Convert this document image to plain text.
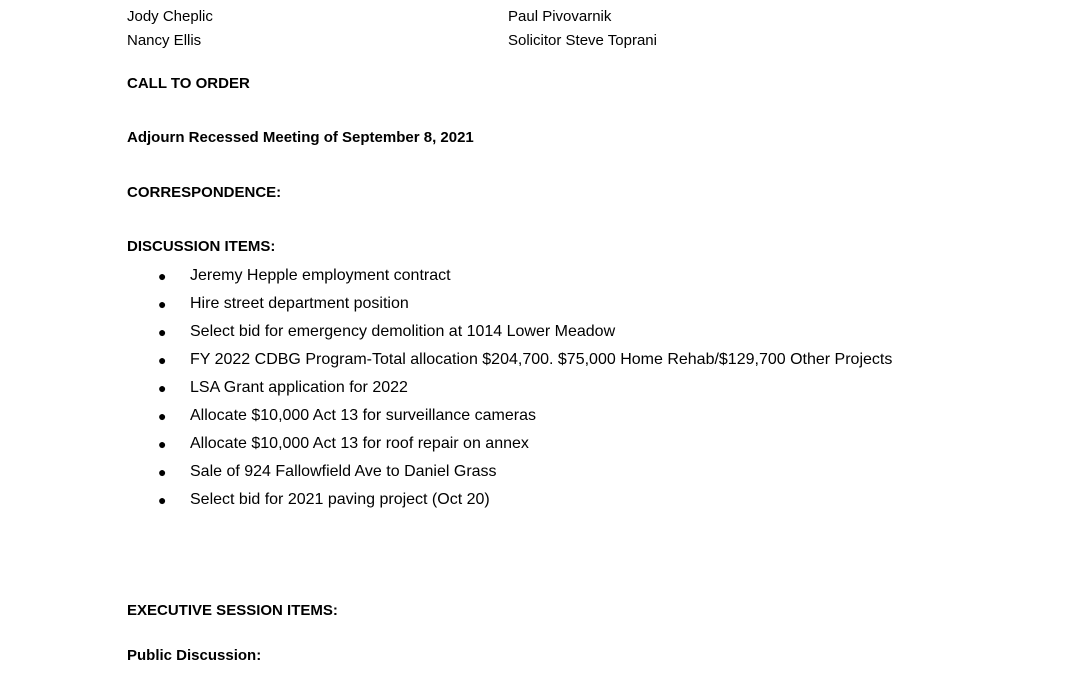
Jody Cheplic
Nancy Ellis
Paul Pivovarnik
Solicitor Steve Toprani
CALL TO ORDER
Adjourn Recessed Meeting of September 8, 2021
CORRESPONDENCE:
DISCUSSION ITEMS:
● Jeremy Hepple employment contract
● Hire street department position
● Select bid for emergency demolition at 1014 Lower Meadow
● FY 2022 CDBG Program-Total allocation $204,700. $75,000 Home Rehab/$129,700 Other Projects
● LSA Grant application for 2022
● Allocate $10,000 Act 13 for surveillance cameras
● Allocate $10,000 Act 13 for roof repair on annex
● Sale of 924 Fallowfield Ave to Daniel Grass
● Select bid for 2021 paving project (Oct 20)
EXECUTIVE SESSION ITEMS:
Public Discussion:
